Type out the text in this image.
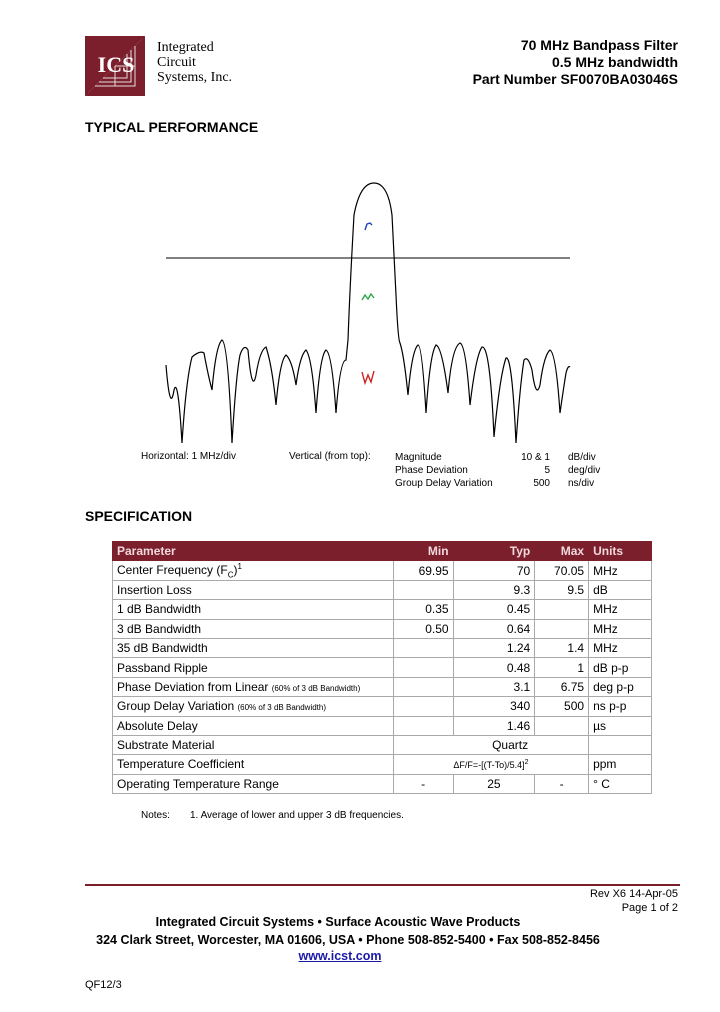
ICS
Integrated
Circuit
Systems, Inc.
70 MHz Bandpass Filter
0.5 MHz bandwidth
Part Number SF0070BA03046S
TYPICAL PERFORMANCE
Horizontal: 1 MHz/div	Vertical (from top): Magnitude	10 & 1 dB/div
Phase Deviation	5 deg/div
Group Delay Variation	500 ns/div
SPECIFICATION
Parameter	Min	Typ	Max	Units
Center Frequency $(F_C)^1$	69.95	70	70.05	MHz
Insertion Loss		9.3	9.5	dB
1 dB Bandwidth	0.35	0.45		MHz
3 dB Bandwidth	0.50	0.64		MHz
35 dB Bandwidth		1.24	1.4	MHz
Passband Ripple		0.48	1	dB p-p
Phase Deviation from Linear (60% of 3 dB Bandwidth)		3.1	6.75	deg p-p
Group Delay Variation (60% of 3 dB Bandwidth)		340	500	ns p-p
Absolute Delay		1.46		µs
Substrate Material	Quartz			
Temperature Coefficient	$\Delta F/F=-[(T-To)/5.4]^2$			ppm
Operating Temperature Range	-	25	-	° C
Notes: 1. Average of lower and upper 3 dB frequencies.
Rev X6 14-Apr-05
Page 1 of 2
Integrated Circuit Systems • Surface Acoustic Wave Products
324 Clark Street, Worcester, MA 01606, USA • Phone 508-852-5400 • Fax 508-852-8456
www.icst.com
QF12/3
